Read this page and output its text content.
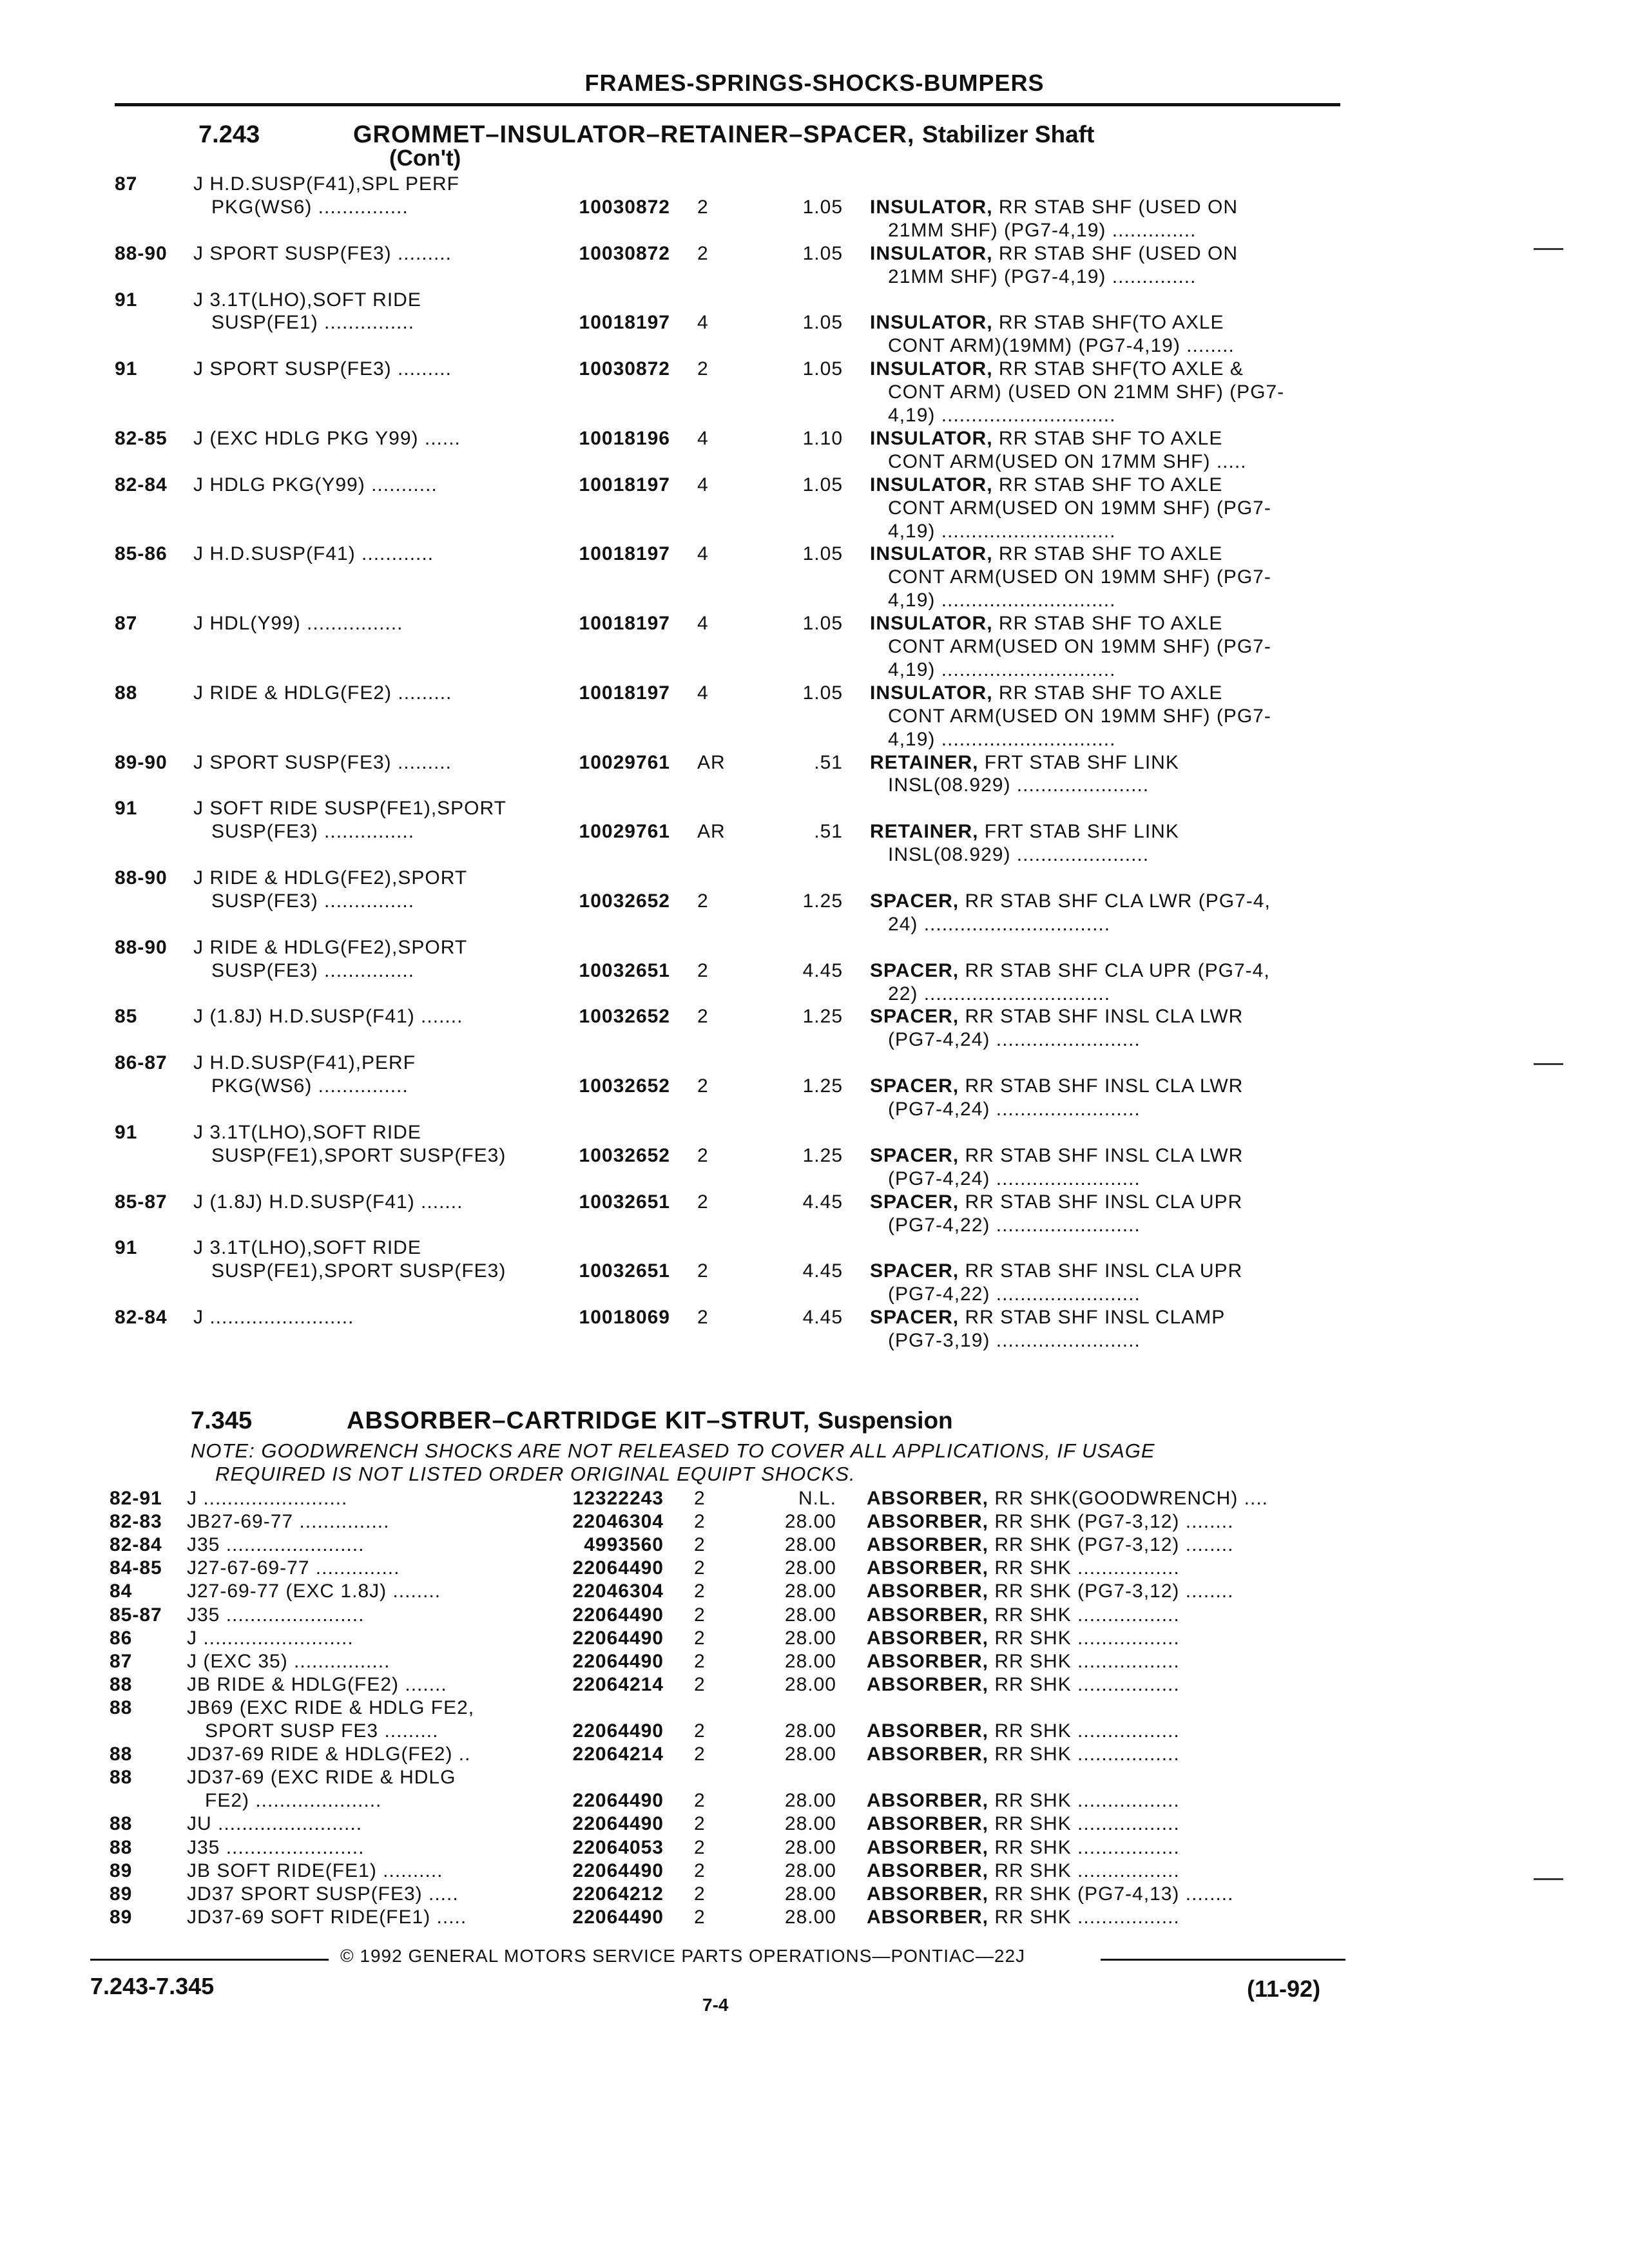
FRAMES-SPRINGS-SHOCKS-BUMPERS
7.243	GROMMET–INSULATOR–RETAINER–SPACER, Stabilizer Shaft
(Con't)
87	J H.D.SUSP(F41),SPL PERF
PKG(WS6) ...............	10030872 2	1.05 INSULATOR, RR STAB SHF (USED ON
21MM SHF) (PG7-4,19) ..............
88-90 J SPORT SUSP(FE3) .........	10030872 2	1.05 INSULATOR, RR STAB SHF (USED ON
21MM SHF) (PG7-4,19) ..............
91	J 3.1T(LHO),SOFT RIDE
SUSP(FE1) ...............	10018197 4	1.05 INSULATOR, RR STAB SHF(TO AXLE
CONT ARM)(19MM) (PG7-4,19) ........
91	J SPORT SUSP(FE3) .........	10030872 2	1.05 INSULATOR, RR STAB SHF(TO AXLE &
CONT ARM) (USED ON 21MM SHF) (PG7-
4,19) .............................
82-85 J (EXC HDLG PKG Y99) ......	10018196 4	1.10 INSULATOR, RR STAB SHF TO AXLE
CONT ARM(USED ON 17MM SHF) .....
82-84 J HDLG PKG(Y99) ...........	10018197 4	1.05 INSULATOR, RR STAB SHF TO AXLE
CONT ARM(USED ON 19MM SHF) (PG7-
4,19) .............................
85-86 J H.D.SUSP(F41) ............	10018197 4	1.05 INSULATOR, RR STAB SHF TO AXLE
CONT ARM(USED ON 19MM SHF) (PG7-
4,19) .............................
87	J HDL(Y99) ................	10018197 4	1.05 INSULATOR, RR STAB SHF TO AXLE
CONT ARM(USED ON 19MM SHF) (PG7-
4,19) .............................
88	J RIDE & HDLG(FE2) .........	10018197 4	1.05 INSULATOR, RR STAB SHF TO AXLE
CONT ARM(USED ON 19MM SHF) (PG7-
4,19) .............................
89-90 J SPORT SUSP(FE3) .........	10029761 AR	.51 RETAINER, FRT STAB SHF LINK
INSL(08.929) ......................
91	J SOFT RIDE SUSP(FE1),SPORT
SUSP(FE3) ...............	10029761 AR	.51 RETAINER, FRT STAB SHF LINK
INSL(08.929) ......................
88-90 J RIDE & HDLG(FE2),SPORT
SUSP(FE3) ...............	10032652 2	1.25 SPACER, RR STAB SHF CLA LWR (PG7-4,
24) ...............................
88-90 J RIDE & HDLG(FE2),SPORT
SUSP(FE3) ...............	10032651 2	4.45 SPACER, RR STAB SHF CLA UPR (PG7-4,
22) ...............................
85	J (1.8J) H.D.SUSP(F41) .......	10032652 2	1.25 SPACER, RR STAB SHF INSL CLA LWR
(PG7-4,24) ........................
86-87 J H.D.SUSP(F41),PERF
PKG(WS6) ...............	10032652 2	1.25 SPACER, RR STAB SHF INSL CLA LWR
(PG7-4,24) ........................
91	J 3.1T(LHO),SOFT RIDE
SUSP(FE1),SPORT SUSP(FE3)	10032652 2	1.25 SPACER, RR STAB SHF INSL CLA LWR
(PG7-4,24) ........................
85-87 J (1.8J) H.D.SUSP(F41) .......	10032651 2	4.45 SPACER, RR STAB SHF INSL CLA UPR
(PG7-4,22) ........................
91	J 3.1T(LHO),SOFT RIDE
SUSP(FE1),SPORT SUSP(FE3)	10032651 2	4.45 SPACER, RR STAB SHF INSL CLA UPR
(PG7-4,22) ........................
82-84 J ........................	10018069 2	4.45 SPACER, RR STAB SHF INSL CLAMP
(PG7-3,19) ........................
7.345	ABSORBER–CARTRIDGE KIT–STRUT, Suspension
NOTE: GOODWRENCH SHOCKS ARE NOT RELEASED TO COVER ALL APPLICATIONS, IF USAGE
REQUIRED IS NOT LISTED ORDER ORIGINAL EQUIPT SHOCKS.
82-91 J ........................	12322243 2	N.L. ABSORBER, RR SHK(GOODWRENCH) ....
82-83 JB27-69-77 ...............	22046304 2	28.00 ABSORBER, RR SHK (PG7-3,12) ........
82-84 J35 .......................	4993560 2	28.00 ABSORBER, RR SHK (PG7-3,12) ........
84-85 J27-67-69-77 ..............	22064490 2	28.00 ABSORBER, RR SHK .................
84	J27-69-77 (EXC 1.8J) ........	22046304 2	28.00 ABSORBER, RR SHK (PG7-3,12) ........
85-87 J35 .......................	22064490 2	28.00 ABSORBER, RR SHK .................
86	J .........................	22064490 2	28.00 ABSORBER, RR SHK .................
87	J (EXC 35) ................	22064490 2	28.00 ABSORBER, RR SHK .................
88	JB RIDE & HDLG(FE2) .......	22064214 2	28.00 ABSORBER, RR SHK .................
88	JB69 (EXC RIDE & HDLG FE2,
SPORT SUSP FE3 .........	22064490 2	28.00 ABSORBER, RR SHK .................
88	JD37-69 RIDE & HDLG(FE2) ..	22064214 2	28.00 ABSORBER, RR SHK .................
88	JD37-69 (EXC RIDE & HDLG
FE2) .....................	22064490 2	28.00 ABSORBER, RR SHK .................
88	JU ........................	22064490 2	28.00 ABSORBER, RR SHK .................
88	J35 .......................	22064053 2	28.00 ABSORBER, RR SHK .................
89	JB SOFT RIDE(FE1) ..........	22064490 2	28.00 ABSORBER, RR SHK .................
89	JD37 SPORT SUSP(FE3) .....	22064212 2	28.00 ABSORBER, RR SHK (PG7-4,13) ........
89	JD37-69 SOFT RIDE(FE1) .....	22064490 2	28.00 ABSORBER, RR SHK .................
© 1992 GENERAL MOTORS SERVICE PARTS OPERATIONS—PONTIAC—22J
7.243-7.345
7-4
(11-92)
